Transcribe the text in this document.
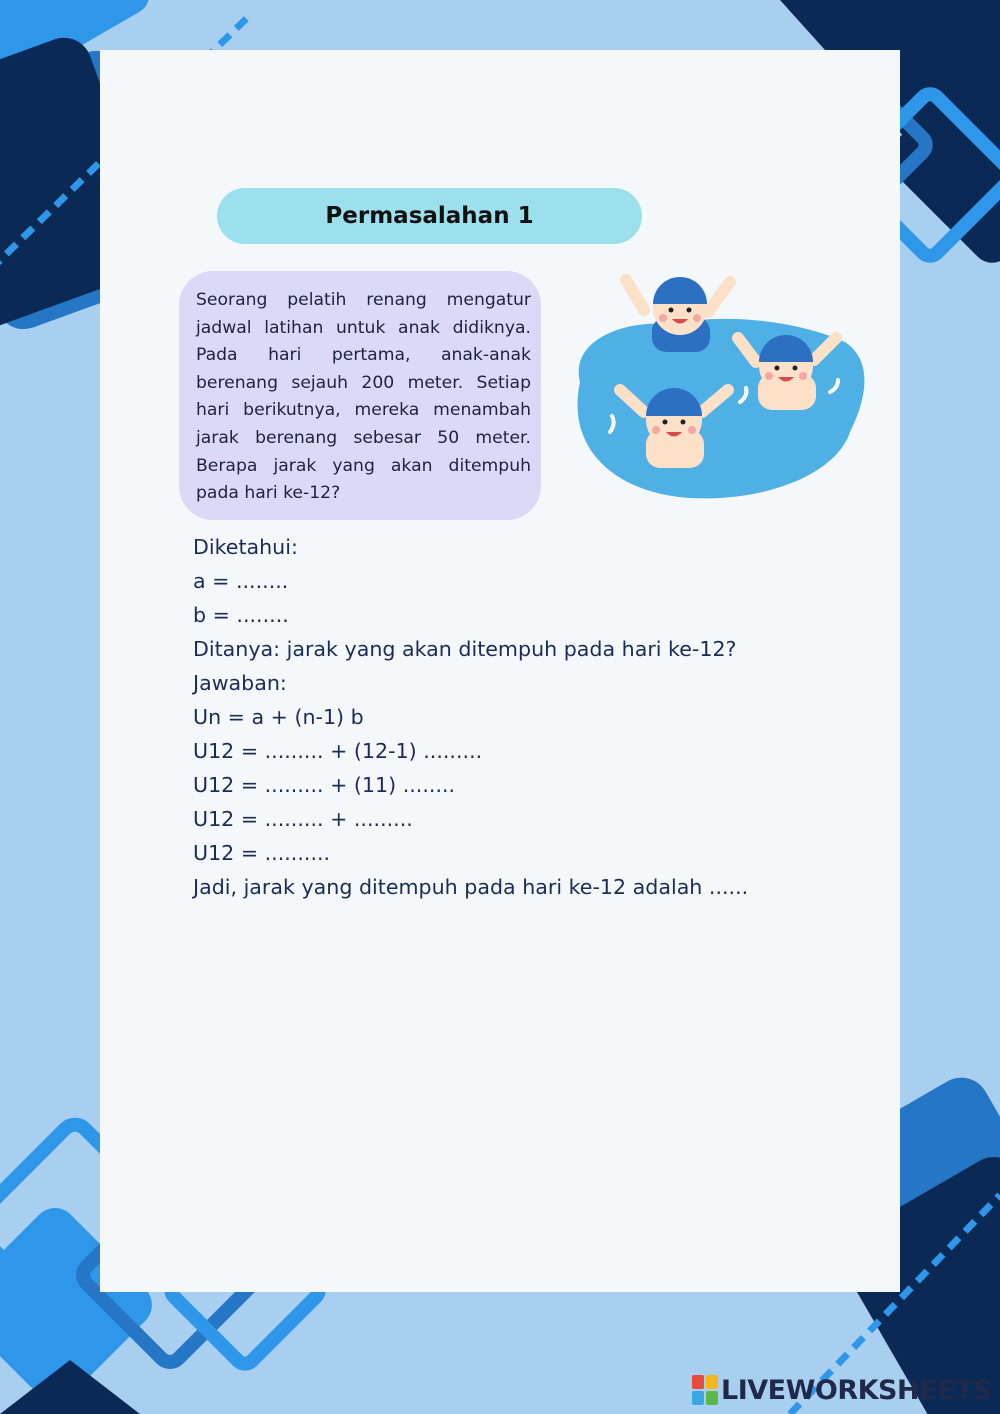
Permasalahan 1
Seorang pelatih renang mengatur jadwal latihan untuk anak didiknya. Pada hari pertama, anak-anak berenang sejauh 200 meter. Setiap hari berikutnya, mereka menambah jarak berenang sebesar 50 meter. Berapa jarak yang akan ditempuh pada hari ke-12?
Diketahui:
a = ........
b = ........
Ditanya: jarak yang akan ditempuh pada hari ke-12?
Jawaban:
Un = a + (n-1) b
U12 = ......... + (12-1) .........
U12 = ......... + (11) ........
U12 = ......... + .........
U12 = ..........
Jadi, jarak yang ditempuh pada hari ke-12 adalah ......
LIVEWORKSHEETS
